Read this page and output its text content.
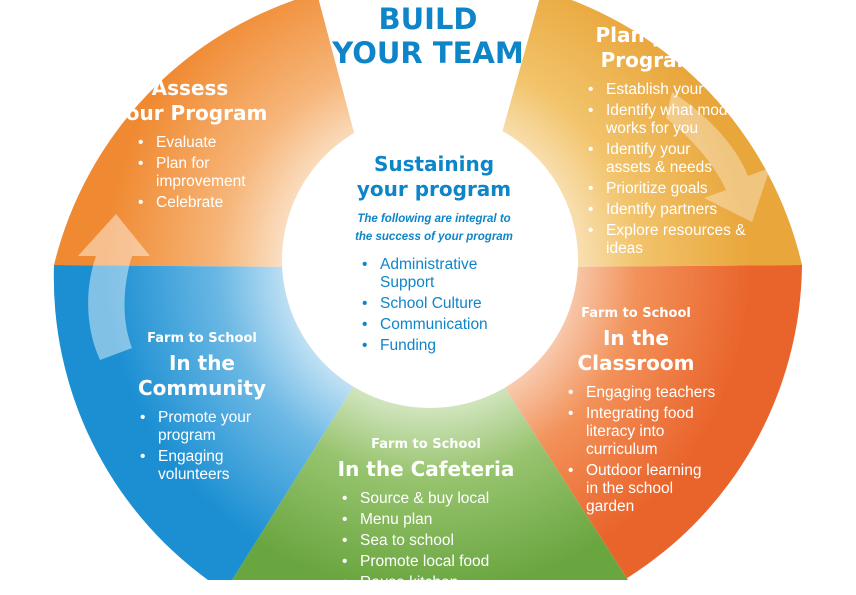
BUILD
YOUR TEAM

Assess
your Program

• Evaluate
• Plan for improvement
• Celebrate

Plan your
Program

• Establish your vision
• Identify what model works for you
• Identify your assets & needs
• Prioritize goals
• Identify partners
• Explore resources & ideas

Sustaining
your program

The following are integral to
the success of your program

• Administrative Support
• School Culture
• Communication
• Funding

Farm to School

In the
Classroom

• Engaging teachers
• Integrating food literacy into curriculum
• Outdoor learning in the school garden

Farm to School

In the Cafeteria

• Source & buy local
• Menu plan
• Sea to school
• Promote local food
• Reuse kitchen

Farm to School

In the
Community

• Promote your program
• Engaging volunteers
